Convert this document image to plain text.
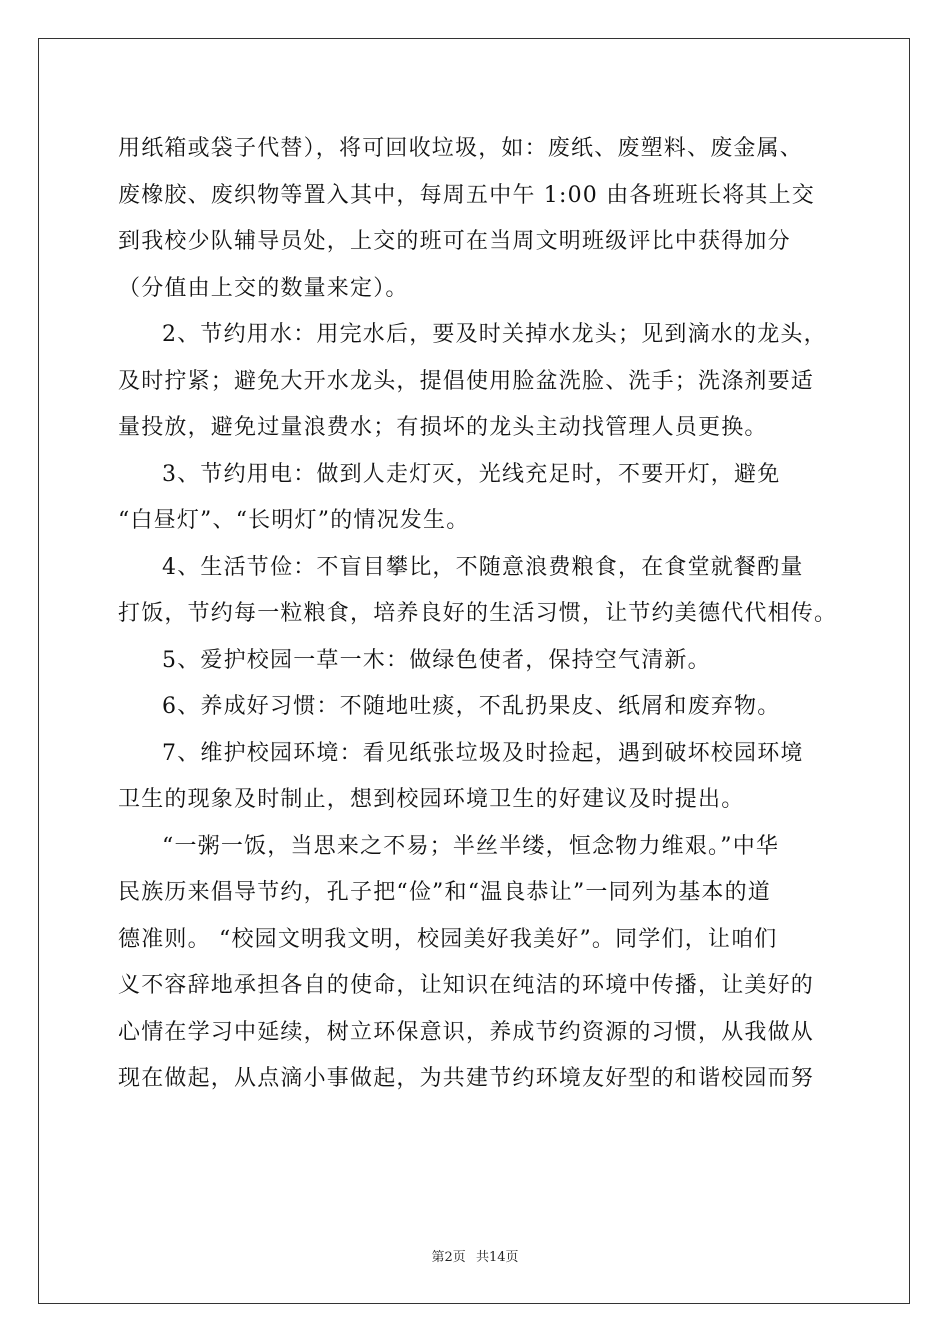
用纸箱或袋子代替），将可回收垃圾，如：废纸、废塑料、废金属、
废橡胶、废织物等置入其中，每周五中午 1:00 由各班班长将其上交
到我校少队辅导员处，上交的班可在当周文明班级评比中获得加分
（分值由上交的数量来定）。
2、节约用水：用完水后，要及时关掉水龙头；见到滴水的龙头，
及时拧紧；避免大开水龙头，提倡使用脸盆洗脸、洗手；洗涤剂要适
量投放，避免过量浪费水；有损坏的龙头主动找管理人员更换。
3、节约用电：做到人走灯灭，光线充足时，不要开灯，避免
“白昼灯”、“长明灯”的情况发生。
4、生活节俭：不盲目攀比，不随意浪费粮食，在食堂就餐酌量
打饭，节约每一粒粮食，培养良好的生活习惯，让节约美德代代相传。
5、爱护校园一草一木：做绿色使者，保持空气清新。
6、养成好习惯：不随地吐痰，不乱扔果皮、纸屑和废弃物。
7、维护校园环境：看见纸张垃圾及时捡起，遇到破坏校园环境
卫生的现象及时制止，想到校园环境卫生的好建议及时提出。
“一粥一饭，当思来之不易；半丝半缕，恒念物力维艰。”中华
民族历来倡导节约，孔子把“俭”和“温良恭让”一同列为基本的道
德准则。 “校园文明我文明，校园美好我美好”。同学们，让咱们
义不容辞地承担各自的使命，让知识在纯洁的环境中传播，让美好的
心情在学习中延续，树立环保意识，养成节约资源的习惯，从我做从
现在做起，从点滴小事做起，为共建节约环境友好型的和谐校园而努
第2页 共14页
